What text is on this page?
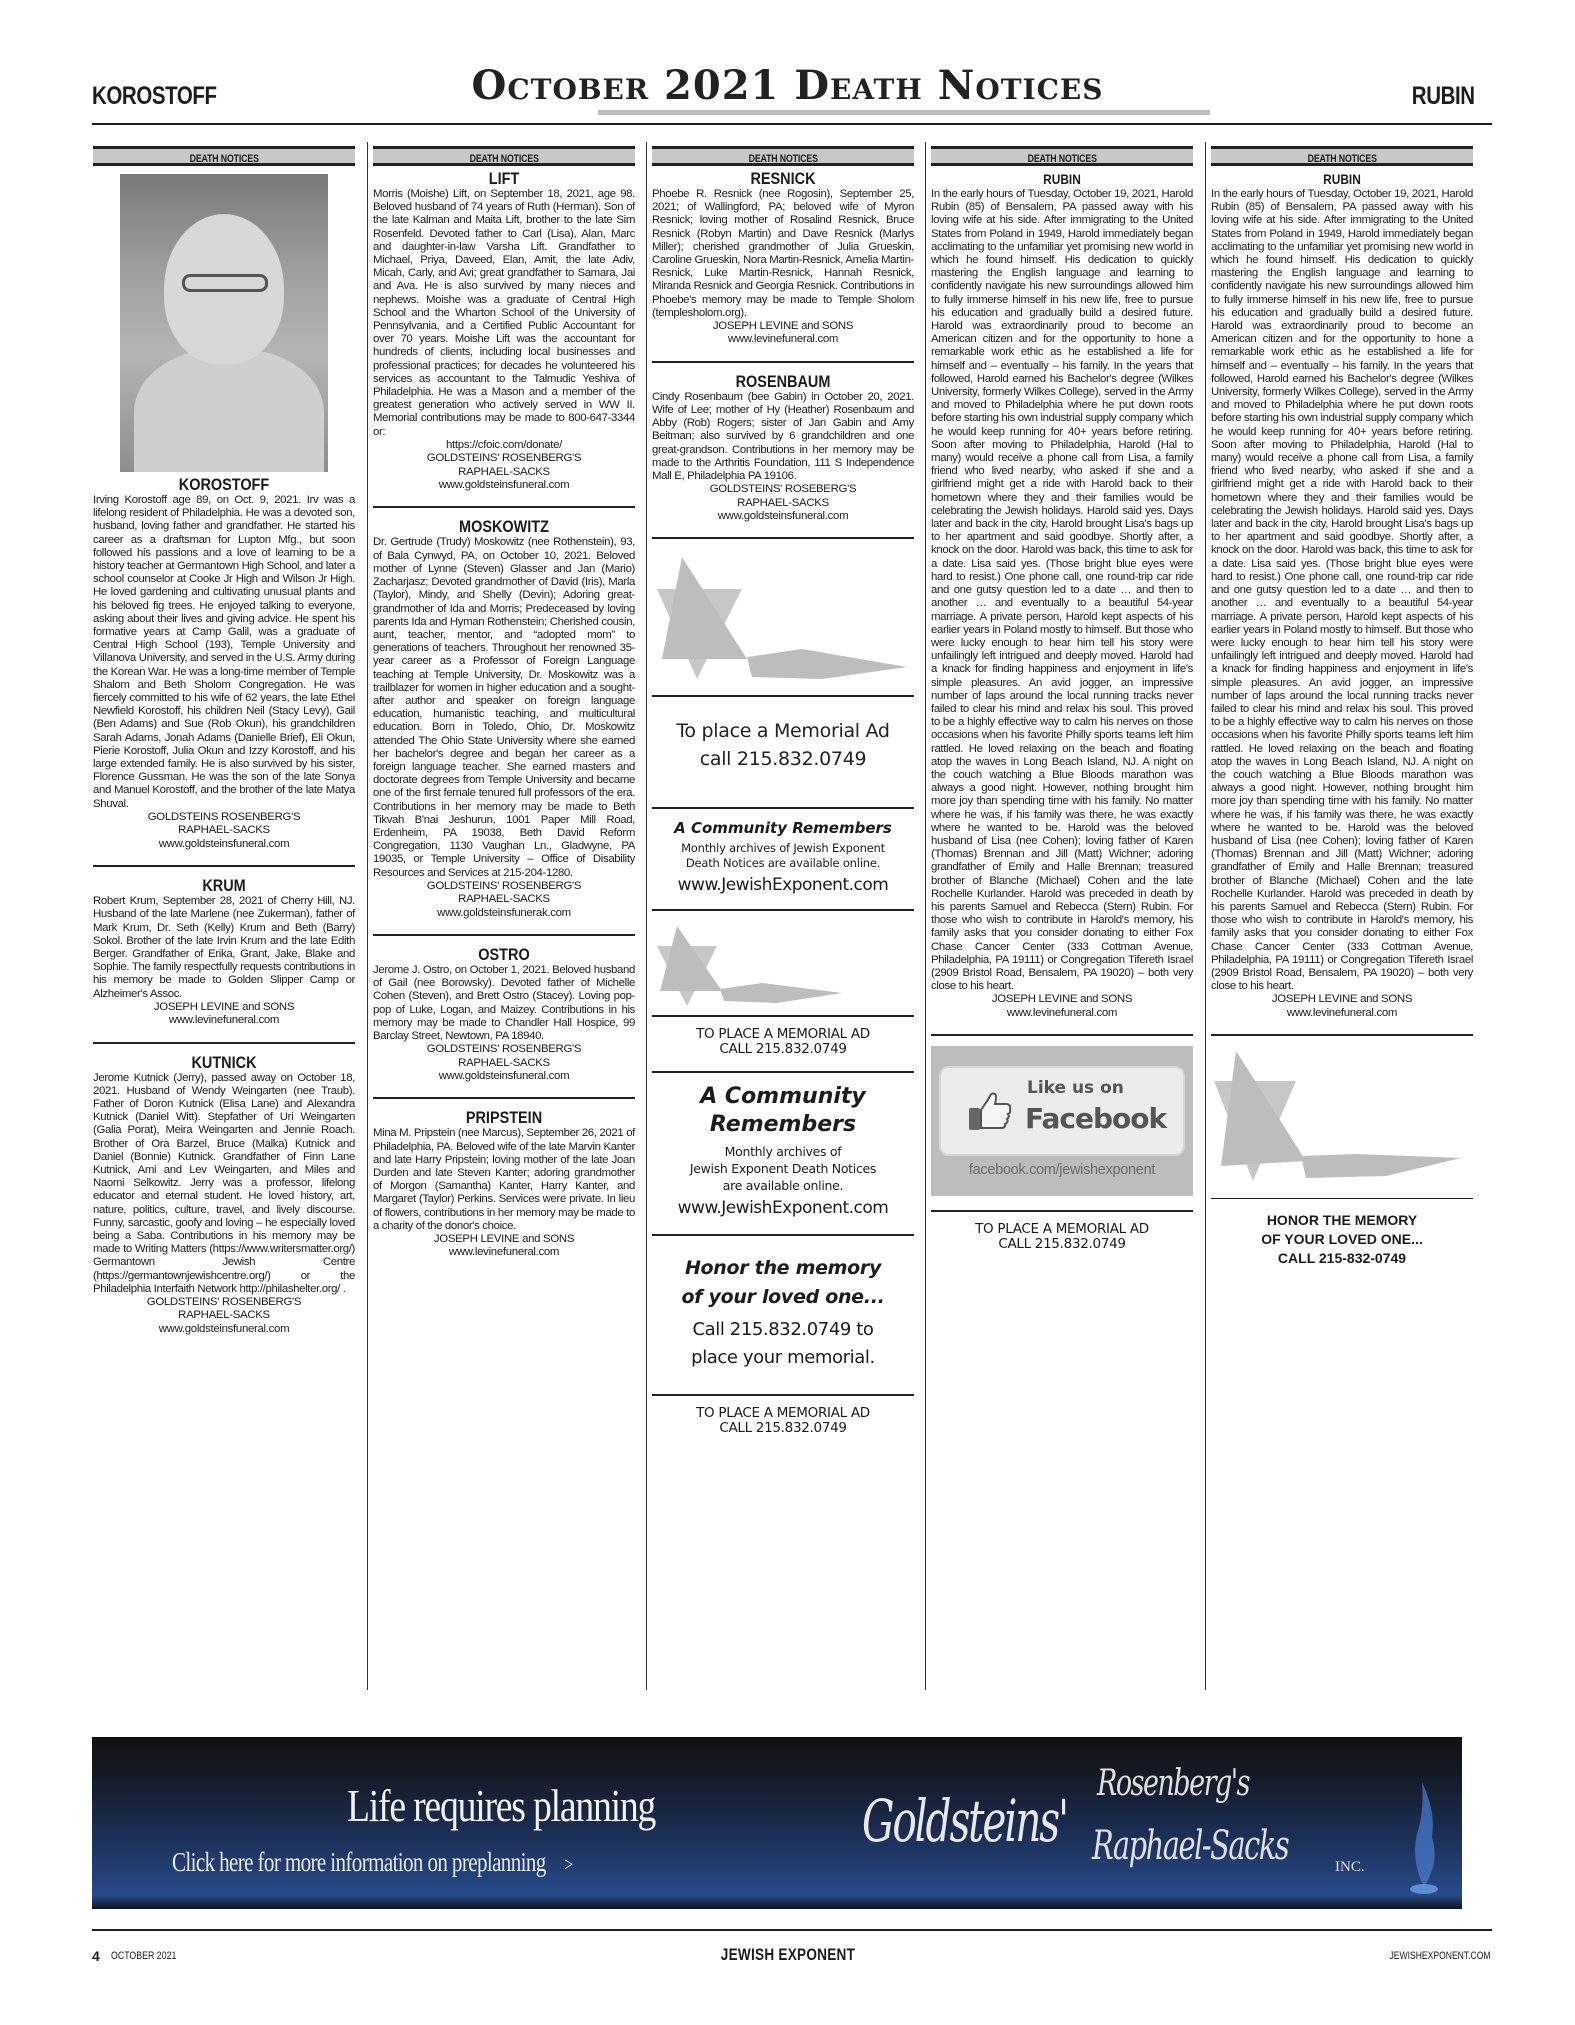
KOROSTOFF	October 2021 Death Notices	RUBIN
DEATH NOTICES
KOROSTOFF
Irving Korostoff age 89, on Oct. 9, 2021. Irv was a lifelong resident of Philadelphia. He was a devoted son, husband, loving father and grandfather. He started his career as a draftsman for Lupton Mfg., but soon followed his passions and a love of learning to be a history teacher at Germantown High School, and later a school counselor at Cooke Jr High and Wilson Jr High. He loved gardening and cultivating unusual plants and his beloved fig trees. He enjoyed talking to everyone, asking about their lives and giving advice. He spent his formative years at Camp Galil, was a graduate of Central High School (193), Temple University and Villanova University, and served in the U.S. Army during the Korean War. He was a long-time member of Temple Shalom and Beth Sholom Congregation. He was fiercely committed to his wife of 62 years, the late Ethel Newfield Korostoff, his children Neil (Stacy Levy), Gail (Ben Adams) and Sue (Rob Okun), his grandchildren Sarah Adams, Jonah Adams (Danielle Brief), Eli Okun, Pierie Korostoff, Julia Okun and Izzy Korostoff, and his large extended family. He is also survived by his sister, Florence Gussman. He was the son of the late Sonya and Manuel Korostoff, and the brother of the late Matya Shuval.
GOLDSTEINS ROSENBERG'S
RAPHAEL-SACKS
www.goldsteinsfuneral.com
KRUM
Robert Krum, September 28, 2021 of Cherry Hill, NJ. Husband of the late Marlene (nee Zukerman), father of Mark Krum, Dr. Seth (Kelly) Krum and Beth (Barry) Sokol. Brother of the late Irvin Krum and the late Edith Berger. Grandfather of Erika, Grant, Jake, Blake and Sophie. The family respectfully requests contributions in his memory be made to Golden Slipper Camp or Alzheimer's Assoc.
JOSEPH LEVINE and SONS
www.levinefuneral.com
KUTNICK
Jerome Kutnick (Jerry), passed away on October 18, 2021. Husband of Wendy Weingarten (nee Traub). Father of Doron Kutnick (Elisa Lane) and Alexandra Kutnick (Daniel Witt). Stepfather of Uri Weingarten (Galia Porat), Meira Weingarten and Jennie Roach. Brother of Ora Barzel, Bruce (Malka) Kutnick and Daniel (Bonnie) Kutnick. Grandfather of Finn Lane Kutnick, Ami and Lev Weingarten, and Miles and Naomi Selkowitz. Jerry was a professor, lifelong educator and eternal student. He loved history, art, nature, politics, culture, travel, and lively discourse. Funny, sarcastic, goofy and loving – he especially loved being a Saba. Contributions in his memory may be made to Writing Matters (https://www.writersmatter.org/) Germantown Jewish Centre (https://germantownjewishcentre.org/) or the Philadelphia Interfaith Network http://philashelter.org/ .
GOLDSTEINS' ROSENBERG'S
RAPHAEL-SACKS
www.goldsteinsfuneral.com
DEATH NOTICES
LIFT
Morris (Moishe) Lift, on September 18, 2021, age 98. Beloved husband of 74 years of Ruth (Herman). Son of the late Kalman and Maita Lift, brother to the late Sim Rosenfeld. Devoted father to Carl (Lisa), Alan, Marc and daughter-in-law Varsha Lift. Grandfather to Michael, Priya, Daveed, Elan, Amit, the late Adiv, Micah, Carly, and Avi; great grandfather to Samara, Jai and Ava. He is also survived by many nieces and nephews. Moishe was a graduate of Central High School and the Wharton School of the University of Pennsylvania, and a Certified Public Accountant for over 70 years. Moishe Lift was the accountant for hundreds of clients, including local businesses and professional practices; for decades he volunteered his services as accountant to the Talmudic Yeshiva of Philadelphia. He was a Mason and a member of the greatest generation who actively served in WW II. Memorial contributions may be made to 800-647-3344 or:
https://cfoic.com/donate/
GOLDSTEINS' ROSENBERG'S
RAPHAEL-SACKS
www.goldsteinsfuneral.com
MOSKOWITZ
Dr. Gertrude (Trudy) Moskowitz (nee Rothenstein), 93, of Bala Cynwyd, PA, on October 10, 2021. Beloved mother of Lynne (Steven) Glasser and Jan (Mario) Zacharjasz; Devoted grandmother of David (Iris), Marla (Taylor), Mindy, and Shelly (Devin); Adoring great-grandmother of Ida and Morris; Predeceased by loving parents Ida and Hyman Rothenstein; Cherished cousin, aunt, teacher, mentor, and “adopted mom” to generations of teachers. Throughout her renowned 35-year career as a Professor of Foreign Language teaching at Temple University, Dr. Moskowitz was a trailblazer for women in higher education and a sought-after author and speaker on foreign language education, humanistic teaching, and multicultural education. Born in Toledo, Ohio, Dr. Moskowitz attended The Ohio State University where she earned her bachelor's degree and began her career as a foreign language teacher. She earned masters and doctorate degrees from Temple University and became one of the first female tenured full professors of the era. Contributions in her memory may be made to Beth Tikvah B'nai Jeshurun, 1001 Paper Mill Road, Erdenheim, PA 19038, Beth David Reform Congregation, 1130 Vaughan Ln., Gladwyne, PA 19035, or Temple University – Office of Disability Resources and Services at 215-204-1280.
GOLDSTEINS' ROSENBERG'S
RAPHAEL-SACKS
www.goldsteinsfunerak.com
OSTRO
Jerome J. Ostro, on October 1, 2021. Beloved husband of Gail (nee Borowsky). Devoted father of Michelle Cohen (Steven), and Brett Ostro (Stacey). Loving pop-pop of Luke, Logan, and Maizey. Contributions in his memory may be made to Chandler Hall Hospice, 99 Barclay Street, Newtown, PA 18940.
GOLDSTEINS' ROSENBERG'S
RAPHAEL-SACKS
www.goldsteinsfuneral.com
PRIPSTEIN
Mina M. Pripstein (nee Marcus), September 26, 2021 of Philadelphia, PA. Beloved wife of the late Marvin Kanter and late Harry Pripstein; loving mother of the late Joan Durden and late Steven Kanter; adoring grandmother of Morgon (Samantha) Kanter, Harry Kanter, and Margaret (Taylor) Perkins. Services were private. In lieu of flowers, contributions in her memory may be made to a charity of the donor's choice.
JOSEPH LEVINE and SONS
www.levinefuneral.com
DEATH NOTICES
RESNICK
Phoebe R. Resnick (nee Rogosin), September 25, 2021; of Wallingford, PA; beloved wife of Myron Resnick; loving mother of Rosalind Resnick, Bruce Resnick (Robyn Martin) and Dave Resnick (Marlys Miller); cherished grandmother of Julia Grueskin, Caroline Grueskin, Nora Martin-Resnick, Amelia Martin-Resnick, Luke Martin-Resnick, Hannah Resnick, Miranda Resnick and Georgia Resnick. Contributions in Phoebe's memory may be made to Temple Sholom (templesholom.org).
JOSEPH LEVINE and SONS
www.levinefuneral.com
ROSENBAUM
Cindy Rosenbaum (bee Gabin) in October 20, 2021. Wife of Lee; mother of Hy (Heather) Rosenbaum and Abby (Rob) Rogers; sister of Jan Gabin and Amy Beitman; also survived by 6 grandchildren and one great-grandson. Contributions in her memory may be made to the Arthritis Foundation, 111 S Independence Mall E, Philadelphia PA 19106.
GOLDSTEINS' ROSEBERG'S
RAPHAEL-SACKS
www.goldsteinsfuneral.com
To place a Memorial Ad
call 215.832.0749
A Community Remembers
Monthly archives of Jewish Exponent
Death Notices are available online.
www.JewishExponent.com
TO PLACE A MEMORIAL AD
CALL 215.832.0749
A Community
Remembers
Monthly archives of
Jewish Exponent Death Notices
are available online.
www.JewishExponent.com
Honor the memory
of your loved one...
Call 215.832.0749 to
place your memorial.
TO PLACE A MEMORIAL AD
CALL 215.832.0749
DEATH NOTICES
RUBIN
In the early hours of Tuesday, October 19, 2021, Harold Rubin (85) of Bensalem, PA passed away with his loving wife at his side. After immigrating to the United States from Poland in 1949, Harold immediately began acclimating to the unfamiliar yet promising new world in which he found himself. His dedication to quickly mastering the English language and learning to confidently navigate his new surroundings allowed him to fully immerse himself in his new life, free to pursue his education and gradually build a desired future. Harold was extraordinarily proud to become an American citizen and for the opportunity to hone a remarkable work ethic as he established a life for himself and – eventually – his family. In the years that followed, Harold earned his Bachelor's degree (Wilkes University, formerly Wilkes College), served in the Army and moved to Philadelphia where he put down roots before starting his own industrial supply company which he would keep running for 40+ years before retiring. Soon after moving to Philadelphia, Harold (Hal to many) would receive a phone call from Lisa, a family friend who lived nearby, who asked if she and a girlfriend might get a ride with Harold back to their hometown where they and their families would be celebrating the Jewish holidays. Harold said yes. Days later and back in the city, Harold brought Lisa's bags up to her apartment and said goodbye. Shortly after, a knock on the door. Harold was back, this time to ask for a date. Lisa said yes. (Those bright blue eyes were hard to resist.) One phone call, one round-trip car ride and one gutsy question led to a date … and then to another … and eventually to a beautiful 54-year marriage. A private person, Harold kept aspects of his earlier years in Poland mostly to himself. But those who were lucky enough to hear him tell his story were unfailingly left intrigued and deeply moved. Harold had a knack for finding happiness and enjoyment in life's simple pleasures. An avid jogger, an impressive number of laps around the local running tracks never failed to clear his mind and relax his soul. This proved to be a highly effective way to calm his nerves on those occasions when his favorite Philly sports teams left him rattled. He loved relaxing on the beach and floating atop the waves in Long Beach Island, NJ. A night on the couch watching a Blue Bloods marathon was always a good night. However, nothing brought him more joy than spending time with his family. No matter where he was, if his family was there, he was exactly where he wanted to be. Harold was the beloved husband of Lisa (nee Cohen); loving father of Karen (Thomas) Brennan and Jill (Matt) Wichner; adoring grandfather of Emily and Halle Brennan; treasured brother of Blanche (Michael) Cohen and the late Rochelle Kurlander. Harold was preceded in death by his parents Samuel and Rebecca (Stern) Rubin. For those who wish to contribute in Harold's memory, his family asks that you consider donating to either Fox Chase Cancer Center (333 Cottman Avenue, Philadelphia, PA 19111) or Congregation Tifereth Israel (2909 Bristol Road, Bensalem, PA 19020) – both very close to his heart.
JOSEPH LEVINE and SONS
www.levinefuneral.com
Like us on
Facebook
facebook.com/jewishexponent
TO PLACE A MEMORIAL AD
CALL 215.832.0749
DEATH NOTICES
RUBIN
In the early hours of Tuesday, October 19, 2021, Harold Rubin (85) of Bensalem, PA passed away with his loving wife at his side. After immigrating to the United States from Poland in 1949, Harold immediately began acclimating to the unfamiliar yet promising new world in which he found himself. His dedication to quickly mastering the English language and learning to confidently navigate his new surroundings allowed him to fully immerse himself in his new life, free to pursue his education and gradually build a desired future. Harold was extraordinarily proud to become an American citizen and for the opportunity to hone a remarkable work ethic as he established a life for himself and – eventually – his family. In the years that followed, Harold earned his Bachelor's degree (Wilkes University, formerly Wilkes College), served in the Army and moved to Philadelphia where he put down roots before starting his own industrial supply company which he would keep running for 40+ years before retiring. Soon after moving to Philadelphia, Harold (Hal to many) would receive a phone call from Lisa, a family friend who lived nearby, who asked if she and a girlfriend might get a ride with Harold back to their hometown where they and their families would be celebrating the Jewish holidays. Harold said yes. Days later and back in the city, Harold brought Lisa's bags up to her apartment and said goodbye. Shortly after, a knock on the door. Harold was back, this time to ask for a date. Lisa said yes. (Those bright blue eyes were hard to resist.) One phone call, one round-trip car ride and one gutsy question led to a date … and then to another … and eventually to a beautiful 54-year marriage. A private person, Harold kept aspects of his earlier years in Poland mostly to himself. But those who were lucky enough to hear him tell his story were unfailingly left intrigued and deeply moved. Harold had a knack for finding happiness and enjoyment in life's simple pleasures. An avid jogger, an impressive number of laps around the local running tracks never failed to clear his mind and relax his soul. This proved to be a highly effective way to calm his nerves on those occasions when his favorite Philly sports teams left him rattled. He loved relaxing on the beach and floating atop the waves in Long Beach Island, NJ. A night on the couch watching a Blue Bloods marathon was always a good night. However, nothing brought him more joy than spending time with his family. No matter where he was, if his family was there, he was exactly where he wanted to be. Harold was the beloved husband of Lisa (nee Cohen); loving father of Karen (Thomas) Brennan and Jill (Matt) Wichner; adoring grandfather of Emily and Halle Brennan; treasured brother of Blanche (Michael) Cohen and the late Rochelle Kurlander. Harold was preceded in death by his parents Samuel and Rebecca (Stern) Rubin. For those who wish to contribute in Harold's memory, his family asks that you consider donating to either Fox Chase Cancer Center (333 Cottman Avenue, Philadelphia, PA 19111) or Congregation Tifereth Israel (2909 Bristol Road, Bensalem, PA 19020) – both very close to his heart.
JOSEPH LEVINE and SONS
www.levinefuneral.com
HONOR THE MEMORY
OF YOUR LOVED ONE...
CALL 215-832-0749
Life requires planning
Click here for more information on preplanning >
Goldsteins'
Rosenberg's
Raphael-Sacks	INC.
4 OCTOBER 2021	JEWISH EXPONENT	JEWISHEXPONENT.COM
